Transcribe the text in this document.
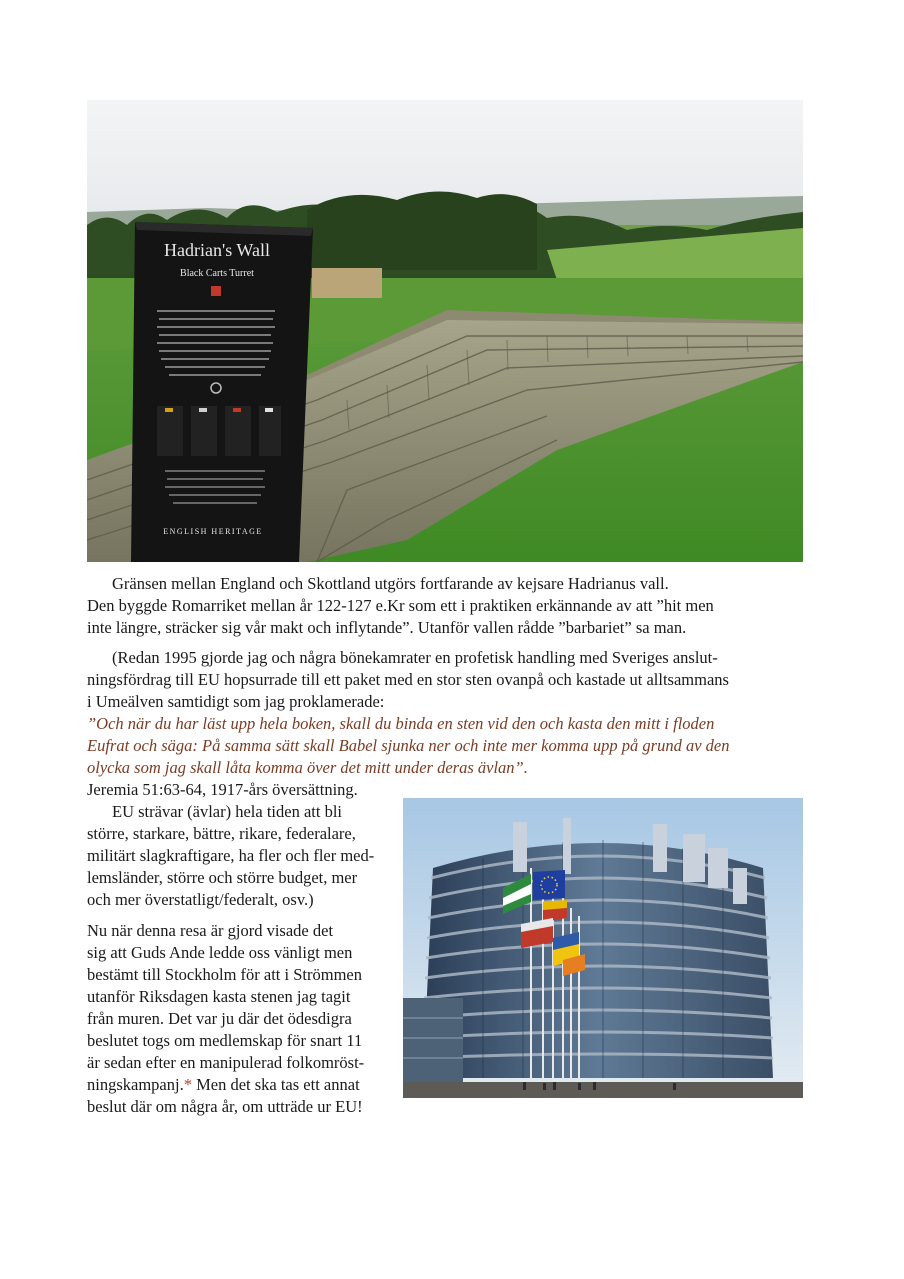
Hadrian's Wall
Black Carts Turret
ENGLISH HERITAGE
Gränsen mellan England och Skottland utgörs fortfarande av kejsare Hadrianus vall.
Den byggde Romarriket mellan år 122-127 e.Kr som ett i praktiken erkännande av att ”hit men
inte längre, sträcker sig vår makt och inflytande”. Utanför vallen rådde ”barbariet” sa man.
(Redan 1995 gjorde jag och några bönekamrater en profetisk handling med Sveriges anslut-
ningsfördrag till EU hopsurrade till ett paket med en stor sten ovanpå och kastade ut alltsammans
i Umeälven samtidigt som jag proklamerade:
”Och när du har läst upp hela boken, skall du binda en sten vid den och kasta den mitt i floden
Eufrat och säga: På samma sätt skall Babel sjunka ner och inte mer komma upp på grund av den
olycka som jag skall låta komma över det mitt under deras ävlan”.
Jeremia 51:63-64, 1917-års översättning.
EU strävar (ävlar) hela tiden att bli
större, starkare, bättre, rikare, federalare,
militärt slagkraftigare, ha fler och fler med-
lemsländer, större och större budget, mer
och mer överstatligt/federalt, osv.)
Nu när denna resa är gjord visade det
sig att Guds Ande ledde oss vänligt men
bestämt till Stockholm för att i Strömmen
utanför Riksdagen kasta stenen jag tagit
från muren. Det var ju där det ödesdigra
beslutet togs om medlemskap för snart 11
är sedan efter en manipulerad folkomröst-
ningskampanj.* Men det ska tas ett annat
beslut där om några år, om utträde ur EU!
